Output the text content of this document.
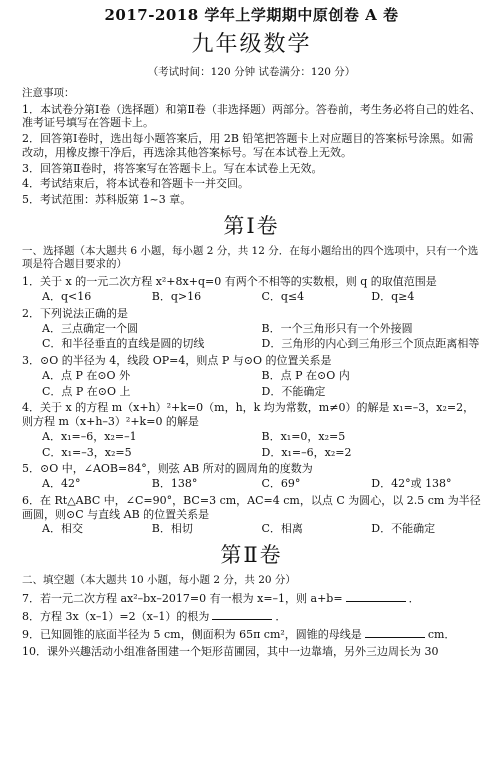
2017-2018 学年上学期期中原创卷 A 卷
九年级数学
（考试时间：120 分钟 试卷满分：120 分）
注意事项：
1．本试卷分第Ⅰ卷（选择题）和第Ⅱ卷（非选择题）两部分。答卷前，考生务必将自己的姓名、准考证号填写在答题卡上。
2．回答第Ⅰ卷时，选出每小题答案后，用 2B 铅笔把答题卡上对应题目的答案标号涂黑。如需改动，用橡皮擦干净后，再选涂其他答案标号。写在本试卷上无效。
3．回答第Ⅱ卷时，将答案写在答题卡上。写在本试卷上无效。
4．考试结束后，将本试卷和答题卡一并交回。
5．考试范围：苏科版第 1~3 章。
第Ⅰ卷
一、选择题（本大题共 6 小题，每小题 2 分，共 12 分．在每小题给出的四个选项中，只有一个选项是符合题目要求的）
1．关于 x 的一元二次方程 x²+8x+q=0 有两个不相等的实数根，则 q 的取值范围是
A．q<16	B．q>16	C．q≤4	D．q≥4
2．下列说法正确的是
A．三点确定一个圆	B．一个三角形只有一个外接圆
C．和半径垂直的直线是圆的切线	D．三角形的内心到三角形三个顶点距离相等
3．⊙O 的半径为 4，线段 OP=4，则点 P 与⊙O 的位置关系是
A．点 P 在⊙O 外	B．点 P 在⊙O 内
C．点 P 在⊙O 上	D．不能确定
4．关于 x 的方程 m（x+h）²+k=0（m，h，k 均为常数，m≠0）的解是 x₁=–3，x₂=2，则方程 m（x+h–3）²+k=0 的解是
A．x₁=–6，x₂=–1	B．x₁=0，x₂=5
C．x₁=–3，x₂=5	D．x₁=–6，x₂=2
5．⊙O 中，∠AOB=84°，则弦 AB 所对的圆周角的度数为
A．42°	B．138°	C．69°	D．42°或 138°
6．在 Rt△ABC 中，∠C=90°，BC=3 cm，AC=4 cm，以点 C 为圆心，以 2.5 cm 为半径画圆，则⊙C 与直线 AB 的位置关系是
A．相交	B．相切	C．相离	D．不能确定
第Ⅱ卷
二、填空题（本大题共 10 小题，每小题 2 分，共 20 分）
7．若一元二次方程 ax²–bx–2017=0 有一根为 x=–1，则 a+b=	．
8．方程 3x（x–1）=2（x–1）的根为	．
9．已知圆锥的底面半径为 5 cm，侧面积为 65π cm²，圆锥的母线是	cm．
10．课外兴趣活动小组准备围建一个矩形苗圃园，其中一边靠墙，另外三边周长为 30
